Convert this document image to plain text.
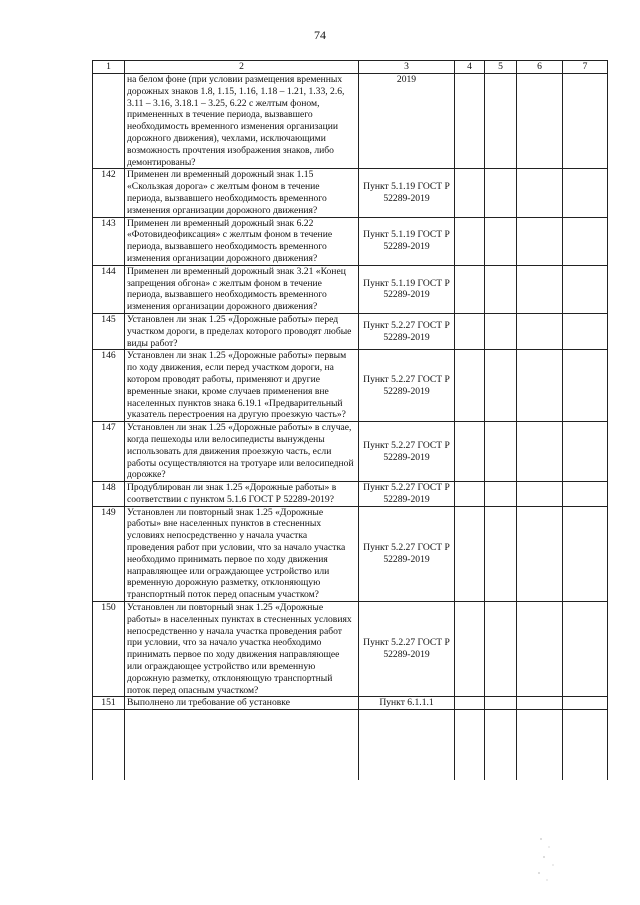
74
1	2	3	4	5	6	7
	на белом фоне (при условии размещения временных дорожных знаков 1.8, 1.15, 1.16, 1.18 – 1.21, 1.33, 2.6, 3.11 – 3.16, 3.18.1 – 3.25, 6.22 с желтым фоном, примененных в течение периода, вызвавшего необходимость временного изменения организации дорожного движения), чехлами, исключающими возможность прочтения изображения знаков, либо демонтированы?	2019				
142	Применен ли временный дорожный знак 1.15 «Скользкая дорога» с желтым фоном в течение периода, вызвавшего необходимость временного изменения организации дорожного движения?	Пункт 5.1.19 ГОСТ Р 52289-2019				
143	Применен ли временный дорожный знак 6.22 «Фотовидеофиксация» с желтым фоном в течение периода, вызвавшего необходимость временного изменения организации дорожного движения?	Пункт 5.1.19 ГОСТ Р 52289-2019				
144	Применен ли временный дорожный знак 3.21 «Конец запрещения обгона» с желтым фоном в течение периода, вызвавшего необходимость временного изменения организации дорожного движения?	Пункт 5.1.19 ГОСТ Р 52289-2019				
145	Установлен ли знак 1.25 «Дорожные работы» перед участком дороги, в пределах которого проводят любые виды работ?	Пункт 5.2.27 ГОСТ Р 52289-2019				
146	Установлен ли знак 1.25 «Дорожные работы» первым по ходу движения, если перед участком дороги, на котором проводят работы, применяют и другие временные знаки, кроме случаев применения вне населенных пунктов знака 6.19.1 «Предварительный указатель перестроения на другую проезжую часть»?	Пункт 5.2.27 ГОСТ Р 52289-2019				
147	Установлен ли знак 1.25 «Дорожные работы» в случае, когда пешеходы или велосипедисты вынуждены использовать для движения проезжую часть, если работы осуществляются на тротуаре или велосипедной дорожке?	Пункт 5.2.27 ГОСТ Р 52289-2019				
148	Продублирован ли знак 1.25 «Дорожные работы» в соответствии с пунктом 5.1.6 ГОСТ Р 52289-2019?	Пункт 5.2.27 ГОСТ Р 52289-2019				
149	Установлен ли повторный знак 1.25 «Дорожные работы» вне населенных пунктов в стесненных условиях непосредственно у начала участка проведения работ при условии, что за начало участка необходимо принимать первое по ходу движения направляющее или ограждающее устройство или временную дорожную разметку, отклоняющую транспортный поток перед опасным участком?	Пункт 5.2.27 ГОСТ Р 52289-2019				
150	Установлен ли повторный знак 1.25 «Дорожные работы» в населенных пунктах в стесненных условиях непосредственно у начала участка проведения работ при условии, что за начало участка необходимо принимать первое по ходу движения направляющее или ограждающее устройство или временную дорожную разметку, отклоняющую транспортный поток перед опасным участком?	Пункт 5.2.27 ГОСТ Р 52289-2019				
151	Выполнено ли требование об установке	Пункт 6.1.1.1				
